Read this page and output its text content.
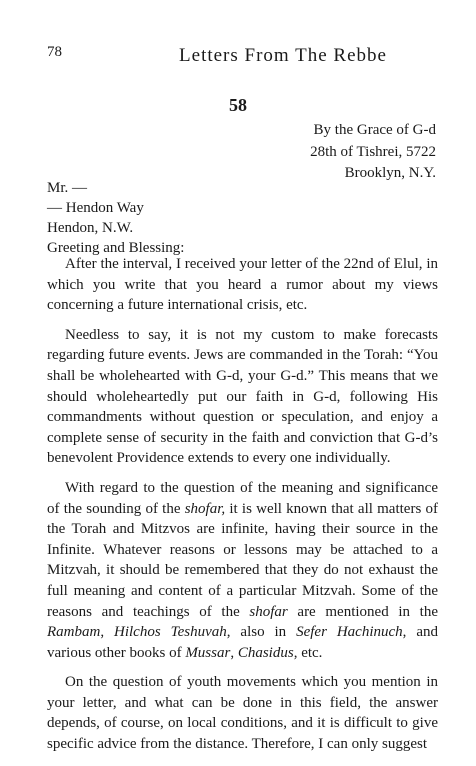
78	Letters From The Rebbe
58
By the Grace of G-d
28th of Tishrei, 5722
Brooklyn, N.Y.
Mr. —
— Hendon Way
Hendon, N.W.
Greeting and Blessing:

After the interval, I received your letter of the 22nd of Elul, in which you write that you heard a rumor about my views concerning a future international crisis, etc.

Needless to say, it is not my custom to make forecasts regarding future events. Jews are commanded in the Torah: “You shall be wholehearted with G-d, your G-d.” This means that we should wholeheartedly put our faith in G-d, following His commandments without question or speculation, and enjoy a complete sense of security in the faith and conviction that G-d’s benevolent Providence extends to every one individually.

With regard to the question of the meaning and significance of the sounding of the shofar, it is well known that all matters of the Torah and Mitzvos are infinite, having their source in the Infinite. Whatever reasons or lessons may be attached to a Mitzvah, it should be remembered that they do not exhaust the full meaning and content of a particular Mitzvah. Some of the reasons and teachings of the shofar are mentioned in the Rambam, Hilchos Teshuvah, also in Sefer Hachinuch, and various other books of Mussar, Chasidus, etc.

On the question of youth movements which you mention in your letter, and what can be done in this field, the answer depends, of course, on local conditions, and it is difficult to give specific advice from the distance. Therefore, I can only suggest
